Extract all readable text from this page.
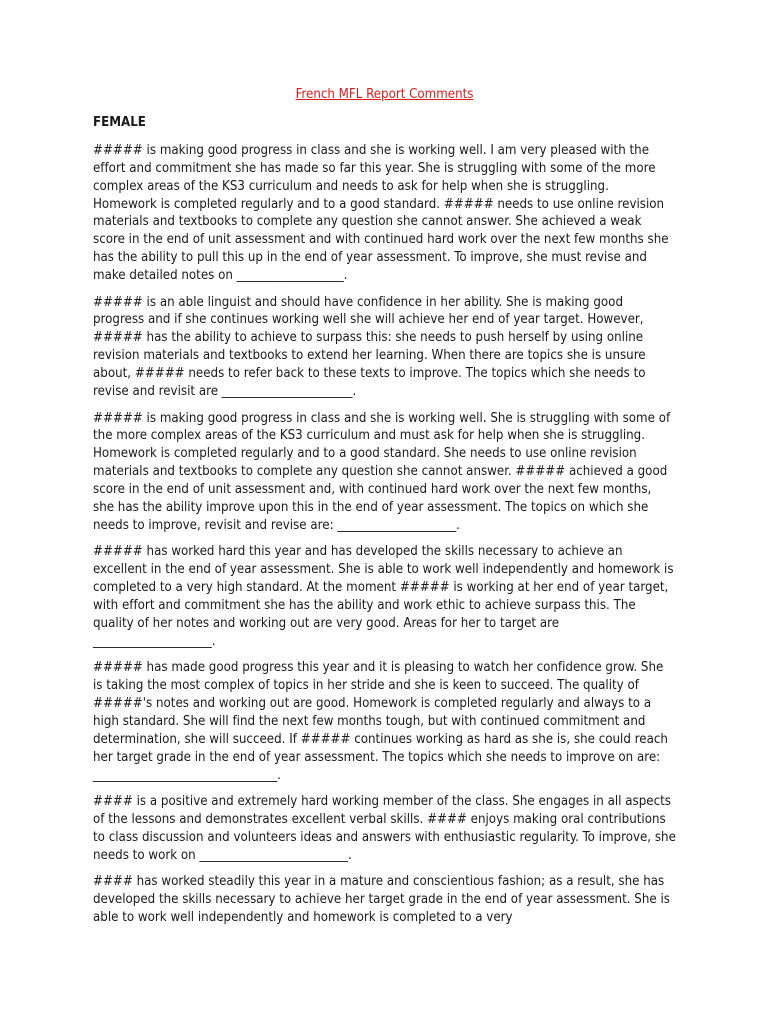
French MFL Report Comments
FEMALE

##### is making good progress in class and she is working well. I am very pleased with the effort and commitment she has made so far this year. She is struggling with some of the more complex areas of the KS3 curriculum and needs to ask for help when she is struggling. Homework is completed regularly and to a good standard. ##### needs to use online revision materials and textbooks to complete any question she cannot answer. She achieved a weak score in the end of unit assessment and with continued hard work over the next few months she has the ability to pull this up in the end of year assessment. To improve, she must revise and make detailed notes on __________________.

##### is an able linguist and should have confidence in her ability. She is making good progress and if she continues working well she will achieve her end of year target. However, ##### has the ability to achieve to surpass this: she needs to push herself by using online revision materials and textbooks to extend her learning. When there are topics she is unsure about, ##### needs to refer back to these texts to improve. The topics which she needs to revise and revisit are ______________________.

##### is making good progress in class and she is working well. She is struggling with some of the more complex areas of the KS3 curriculum and must ask for help when she is struggling. Homework is completed regularly and to a good standard. She needs to use online revision materials and textbooks to complete any question she cannot answer. ##### achieved a good score in the end of unit assessment and, with continued hard work over the next few months, she has the ability improve upon this in the end of year assessment. The topics on which she needs to improve, revisit and revise are: ____________________.

##### has worked hard this year and has developed the skills necessary to achieve an excellent in the end of year assessment. She is able to work well independently and homework is completed to a very high standard. At the moment ##### is working at her end of year target, with effort and commitment she has the ability and work ethic to achieve surpass this. The quality of her notes and working out are very good. Areas for her to target are ____________________.

##### has made good progress this year and it is pleasing to watch her confidence grow. She is taking the most complex of topics in her stride and she is keen to succeed. The quality of #####'s notes and working out are good. Homework is completed regularly and always to a high standard. She will find the next few months tough, but with continued commitment and determination, she will succeed. If ##### continues working as hard as she is, she could reach her target grade in the end of year assessment. The topics which she needs to improve on are: _______________________________.

#### is a positive and extremely hard working member of the class. She engages in all aspects of the lessons and demonstrates excellent verbal skills. #### enjoys making oral contributions to class discussion and volunteers ideas and answers with enthusiastic regularity. To improve, she needs to work on _________________________.

#### has worked steadily this year in a mature and conscientious fashion; as a result, she has developed the skills necessary to achieve her target grade in the end of year assessment. She is able to work well independently and homework is completed to a very
